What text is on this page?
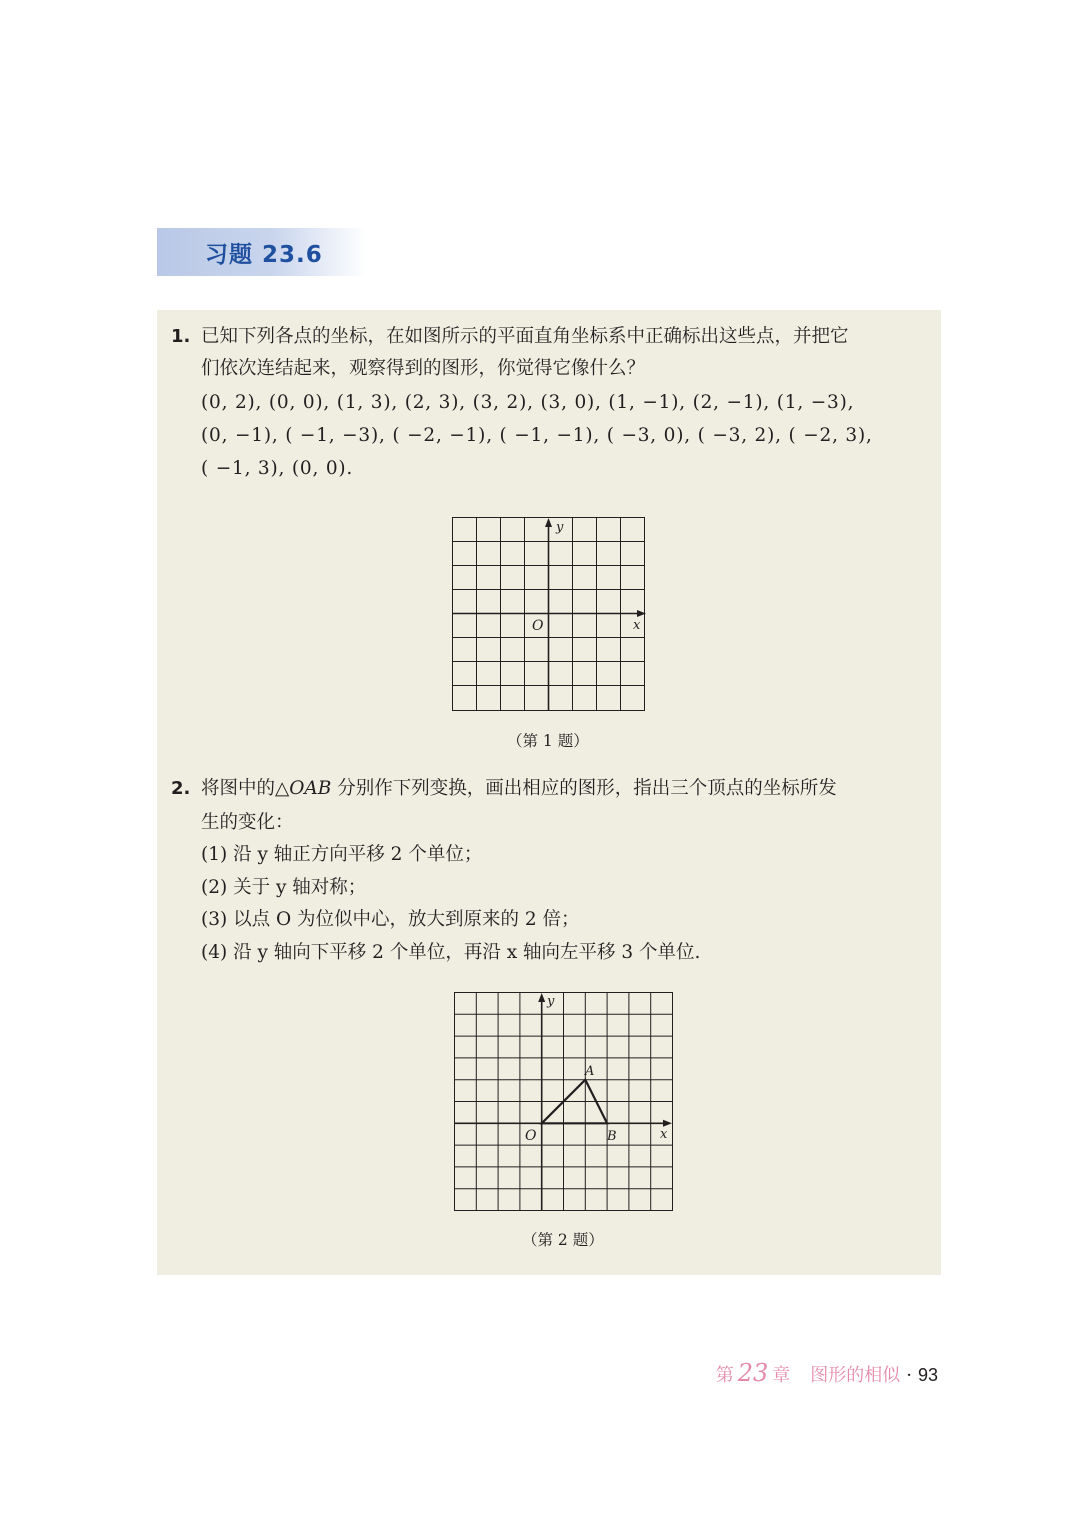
习题 23.6
1. 已知下列各点的坐标，在如图所示的平面直角坐标系中正确标出这些点，并把它
们依次连结起来，观察得到的图形，你觉得它像什么？
(0, 2), (0, 0), (1, 3), (2, 3), (3, 2), (3, 0), (1, −1), (2, −1), (1, −3),
(0, −1), ( −1, −3), ( −2, −1), ( −1, −1), ( −3, 0), ( −3, 2), ( −2, 3),
( −1, 3), (0, 0).
y
x
O
（第 1 题）
2. 将图中的△OAB 分别作下列变换，画出相应的图形，指出三个顶点的坐标所发
生的变化：
(1) 沿 y 轴正方向平移 2 个单位；
(2) 关于 y 轴对称；
(3) 以点 O 为位似中心，放大到原来的 2 倍；
(4) 沿 y 轴向下平移 2 个单位，再沿 x 轴向左平移 3 个单位.
y
x
O
A
B
（第 2 题）
第 23 章 图形的相似 · 93
